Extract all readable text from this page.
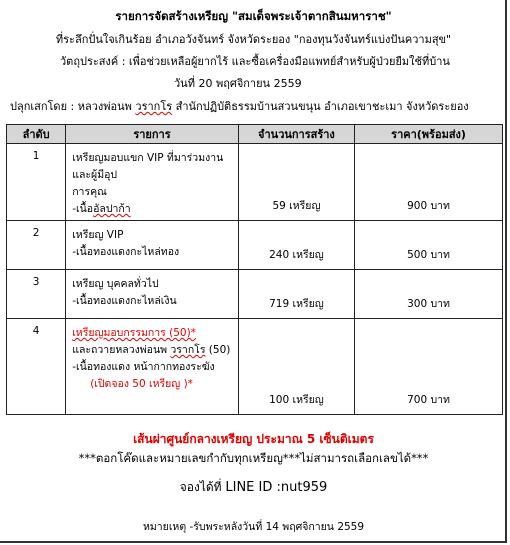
รายการจัดสร้างเหรียญ "สมเด็จพระเจ้าตากสินมหาราช"
ที่ระลึกปั่นใจเกินร้อย อำเภอวังจันทร์ จังหวัดระยอง "กองทุนวังจันทร์แบ่งปันความสุข"
วัตถุประสงค์ : เพื่อช่วยเหลือผู้ยากไร้ และซื้อเครื่องมือแพทย์สำหรับผู้ป่วยยืมใช้ที่บ้าน
วันที่ 20 พฤศจิกายน 2559
ปลุกเสกโดย : หลวงพ่อนพ วรากโร สำนักปฏิบัติธรรมบ้านสวนขนุน อำเภอเขาชะเมา จังหวัดระยอง
ลำดับ	รายการ	จำนวนการสร้าง	ราคา(พร้อมส่ง)
1	เหรียญมอบแขก VIP ที่มาร่วมงาน และผู้มีอุป
การคุณ
-เนื้ออัลปาก้า	59 เหรียญ	900 บาท
2	เหรียญ VIP
-เนื้อทองแดงกะไหล่ทอง	240 เหรียญ	500 บาท
3	เหรียญ บุคคลทั่วไป
-เนื้อทองแดงกะไหล่เงิน	719 เหรียญ	300 บาท
4	เหรียญมอบกรรมการ (50)*
และถวายหลวงพ่อนพ วรากโร (50)
-เนื้อทองแดง หน้ากากทองระฆัง
(เปิดจอง 50 เหรียญ )*	100 เหรียญ	700 บาท
เส้นผ่าศูนย์กลางเหรียญ ประมาณ 5 เซ็นติเมตร
***ตอกโค๊ดและหมายเลขกำกับทุกเหรียญ***ไม่สามารถเลือกเลขได้***
จองได้ที่ LINE ID :nut959
หมายเหตุ -รับพระหลังวันที่ 14 พฤศจิกายน 2559
